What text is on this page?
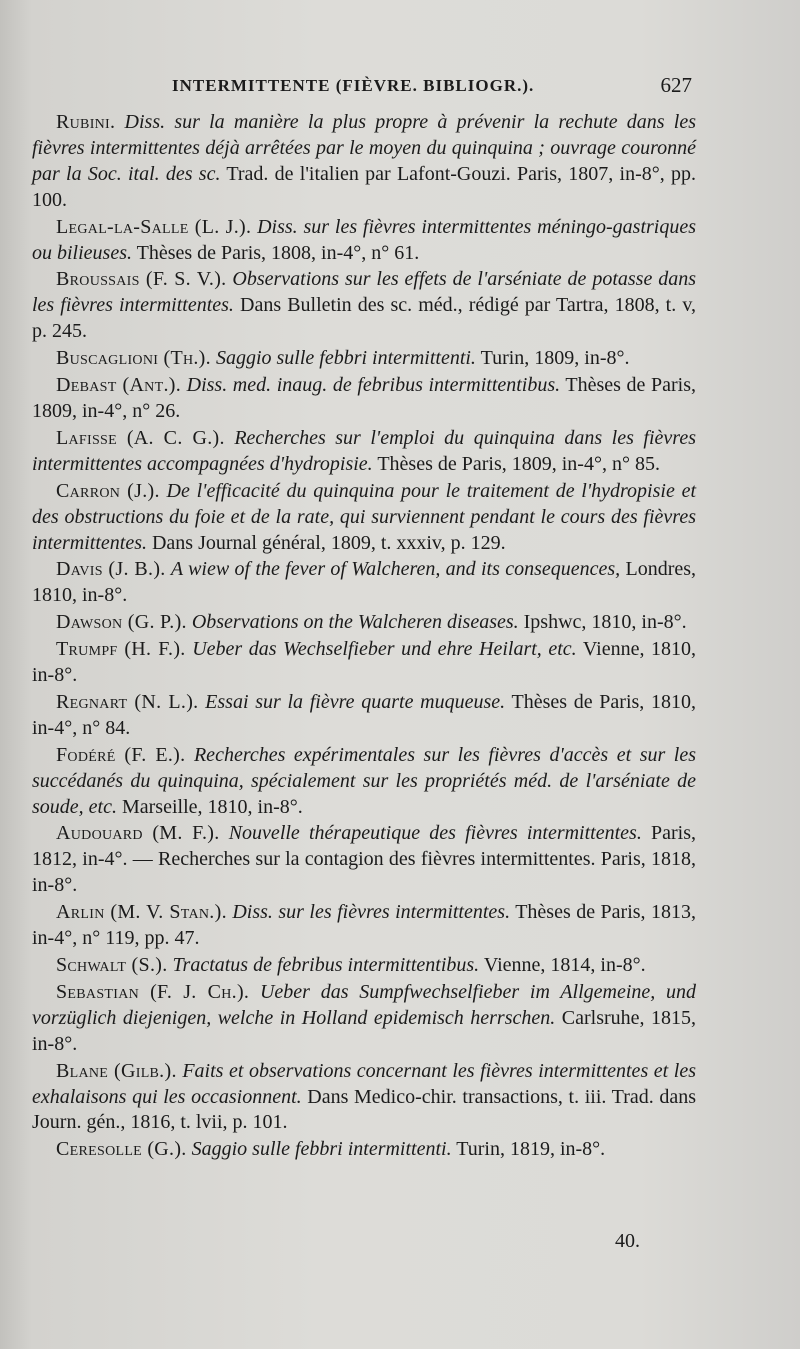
INTERMITTENTE (FIÈVRE. BIBLIOGR.).	627

Rubini. Diss. sur la manière la plus propre à prévenir la rechute dans les fièvres intermittentes déjà arrêtées par le moyen du quinquina ; ouvrage couronné par la Soc. ital. des sc. Trad. de l'italien par Lafont-Gouzi. Paris, 1807, in-8°, pp. 100.

Legal-la-Salle (L. J.). Diss. sur les fièvres intermittentes méningo-gastriques ou bilieuses. Thèses de Paris, 1808, in-4°, n° 61.

Broussais (F. S. V.). Observations sur les effets de l'arséniate de potasse dans les fièvres intermittentes. Dans Bulletin des sc. méd., rédigé par Tartra, 1808, t. v, p. 245.

Buscaglioni (Th.). Saggio sulle febbri intermittenti. Turin, 1809, in-8°.

Debast (Ant.). Diss. med. inaug. de febribus intermittentibus. Thèses de Paris, 1809, in-4°, n° 26.

Lafisse (A. C. G.). Recherches sur l'emploi du quinquina dans les fièvres intermittentes accompagnées d'hydropisie. Thèses de Paris, 1809, in-4°, n° 85.

Carron (J.). De l'efficacité du quinquina pour le traitement de l'hydropisie et des obstructions du foie et de la rate, qui surviennent pendant le cours des fièvres intermittentes. Dans Journal général, 1809, t. xxxiv, p. 129.

Davis (J. B.). A wiew of the fever of Walcheren, and its consequences, Londres, 1810, in-8°.

Dawson (G. P.). Observations on the Walcheren diseases. Ipshwc, 1810, in-8°.

Trumpf (H. F.). Ueber das Wechselfieber und ehre Heilart, etc. Vienne, 1810, in-8°.

Regnart (N. L.). Essai sur la fièvre quarte muqueuse. Thèses de Paris, 1810, in-4°, n° 84.

Fodéré (F. E.). Recherches expérimentales sur les fièvres d'accès et sur les succédanés du quinquina, spécialement sur les propriétés méd. de l'arséniate de soude, etc. Marseille, 1810, in-8°.

Audouard (M. F.). Nouvelle thérapeutique des fièvres intermittentes. Paris, 1812, in-4°. — Recherches sur la contagion des fièvres intermittentes. Paris, 1818, in-8°.

Arlin (M. V. Stan.). Diss. sur les fièvres intermittentes. Thèses de Paris, 1813, in-4°, n° 119, pp. 47.

Schwalt (S.). Tractatus de febribus intermittentibus. Vienne, 1814, in-8°.

Sebastian (F. J. Ch.). Ueber das Sumpfwechselfieber im Allgemeine, und vorzüglich diejenigen, welche in Holland epidemisch herrschen. Carlsruhe, 1815, in-8°.

Blane (Gilb.). Faits et observations concernant les fièvres intermittentes et les exhalaisons qui les occasionnent. Dans Medico-chir. transactions, t. iii. Trad. dans Journ. gén., 1816, t. lvii, p. 101.

Ceresolle (G.). Saggio sulle febbri intermittenti. Turin, 1819, in-8°.

40.
